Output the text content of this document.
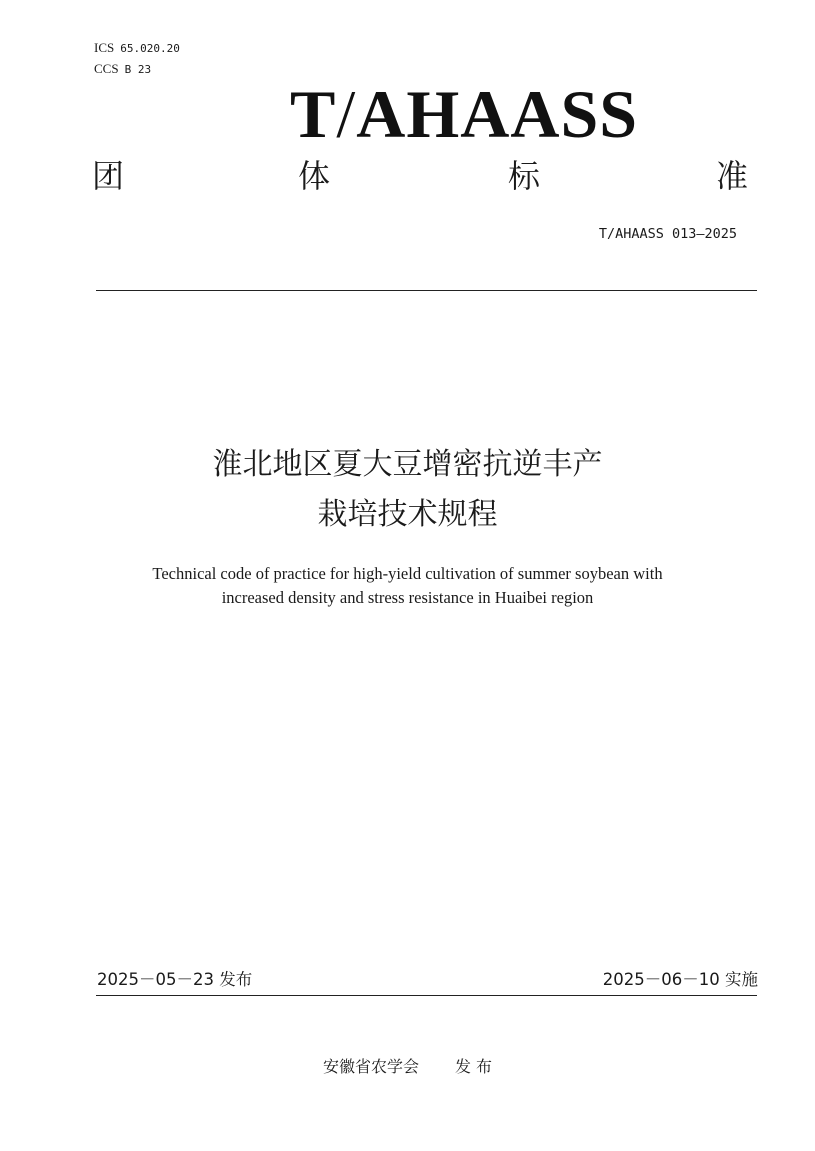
ICS 65.020.20
CCS B 23
T/AHAASS
团	体	标	准
T/AHAASS 013—2025
淮北地区夏大豆增密抗逆丰产
栽培技术规程
Technical code of practice for high-yield cultivation of summer soybean with
increased density and stress resistance in Huaibei region
2025－05－23 发布	2025－06－10 实施
安徽省农学会 发 布
